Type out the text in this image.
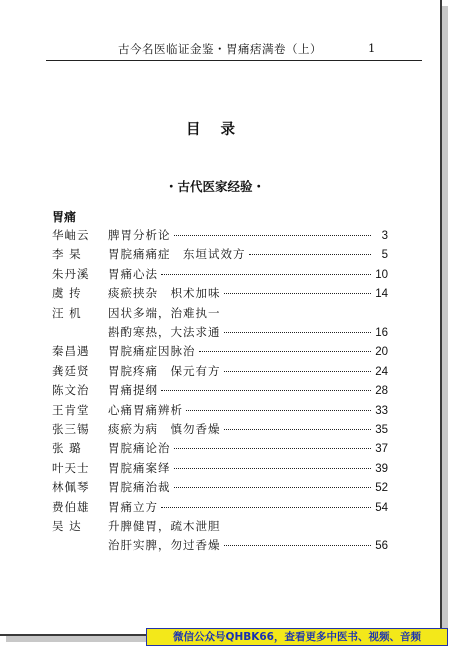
古今名医临证金鉴・胃痛痞满卷（上）	1
目录
・古代医家经验・
胃痛
华岫云	脾胃分析论	3
李 杲	胃脘痛痛症　东垣试效方	5
朱丹溪	胃痛心法	10
虞 抟	痰瘀挟杂　枳术加味	14
汪 机	因状多端，治难执一
斟酌寒热，大法求通	16
秦昌遇	胃脘痛症因脉治	20
龚廷贤	胃脘疼痛　保元有方	24
陈文治	胃痛提纲	28
王肯堂	心痛胃痛辨析	33
张三锡	痰瘀为病　慎勿香燥	35
张 璐	胃脘痛论治	37
叶天士	胃脘痛案绎	39
林佩琴	胃脘痛治裁	52
费伯雄	胃痛立方	54
吴 达	升脾健胃，疏木泄胆
治肝实脾，勿过香燥	56
微信公众号QHBK66，查看更多中医书、视频、音频
